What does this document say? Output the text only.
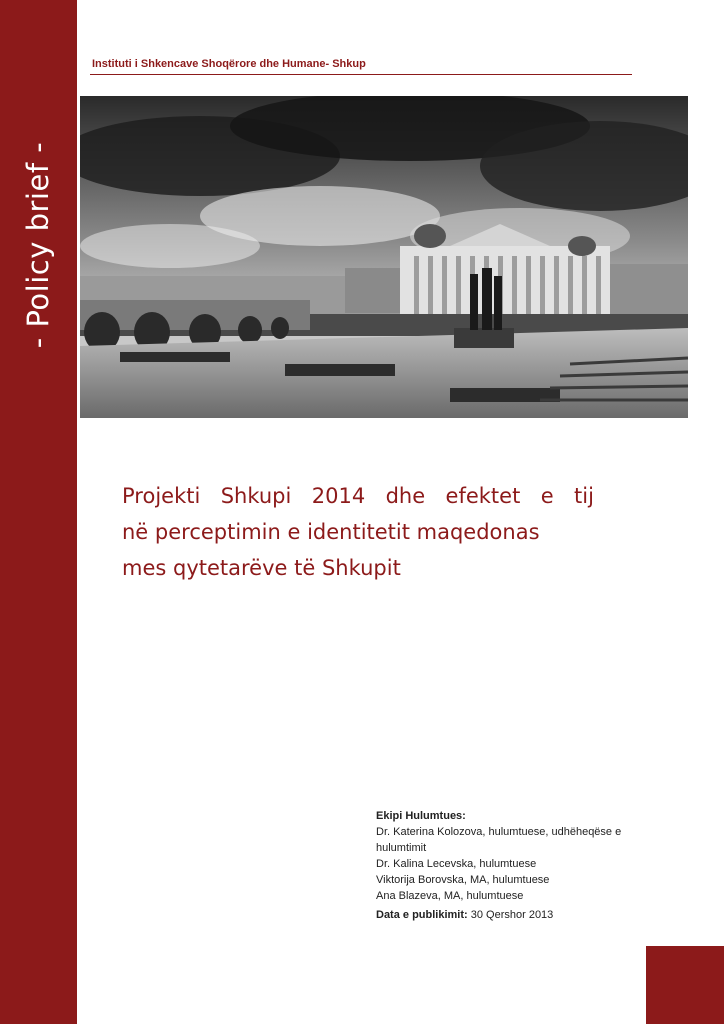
- Policy brief -
Instituti i Shkencave Shoqërore dhe Humane- Shkup
Projekti Shkupi 2014 dhe efektet e tij
në perceptimin e identitetit maqedonas
mes qytetarëve të Shkupit
Ekipi Hulumtues:
Dr. Katerina Kolozova, hulumtuese, udhëheqëse e
hulumtimit
Dr. Kalina Lecevska, hulumtuese
Viktorija Borovska, MA, hulumtuese
Ana Blazeva, MA, hulumtuese
Data e publikimit: 30 Qershor 2013
